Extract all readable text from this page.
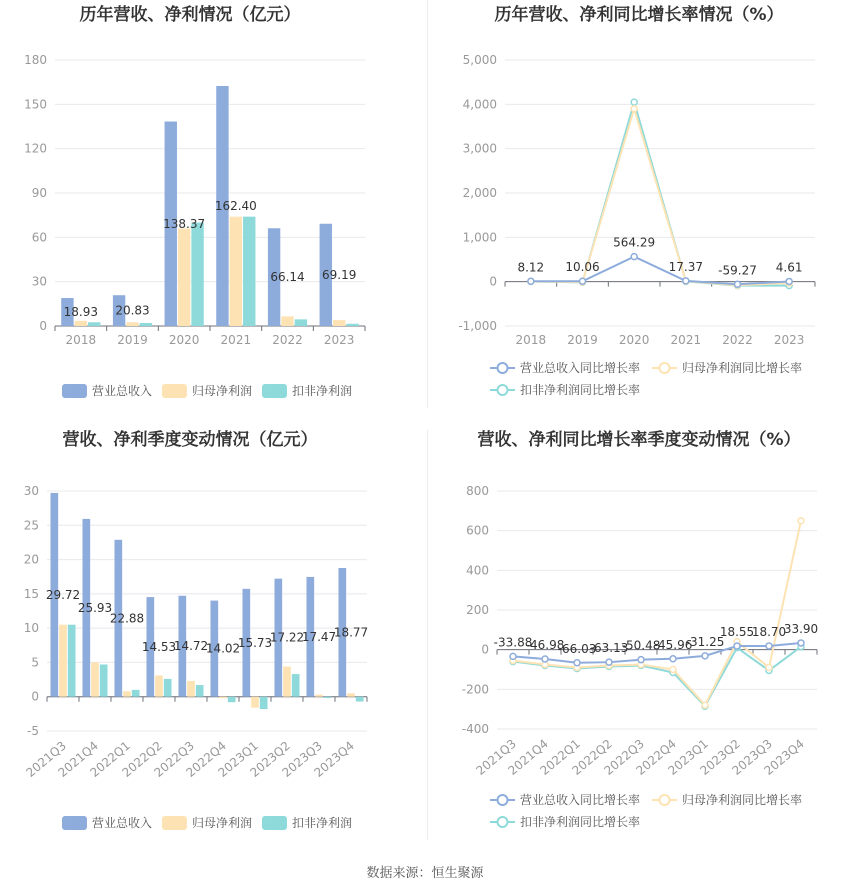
历年营收、净利情况（亿元）
0
30
60
90
120
150
180
2018 2019 2020 2021 2022 2023
18.93 20.83
138.37
162.40
66.14 69.19
营业总收入	归母净利润	扣非净利润
历年营收、净利同比增长率情况（%）
-1,000
0
1,000
2,000
3,000
4,000
5,000
2018 2019 2020 2021 2022 2023
8.12 10.06
564.29
17.37 -59.27 4.61
营业总收入同比增长率	归母净利润同比增长率
扣非净利润同比增长率
营收、净利季度变动情况（亿元）
-5
0
5
10
15
20
25
30
2021Q3
2021Q4
2022Q1
2022Q2
2022Q3
2022Q4
2023Q1
2023Q2
2023Q3
2023Q4
29.72
25.93
22.88
14.53
14.72
14.02
15.73
17.22
17.47
18.77
营业总收入	归母净利润	扣非净利润
营收、净利同比增长率季度变动情况（%）
-400
-200
0
200
400
600
800
2021Q3
2021Q4
2022Q1
2022Q2
2022Q3
2022Q4
2023Q1
2023Q2
2023Q3
2023Q4
-33.88
-46.98
-66.03
-63.13
-50.48
-45.96
-31.25
18.55
18.70
33.90
营业总收入同比增长率	归母净利润同比增长率
扣非净利润同比增长率
数据来源：恒生聚源
